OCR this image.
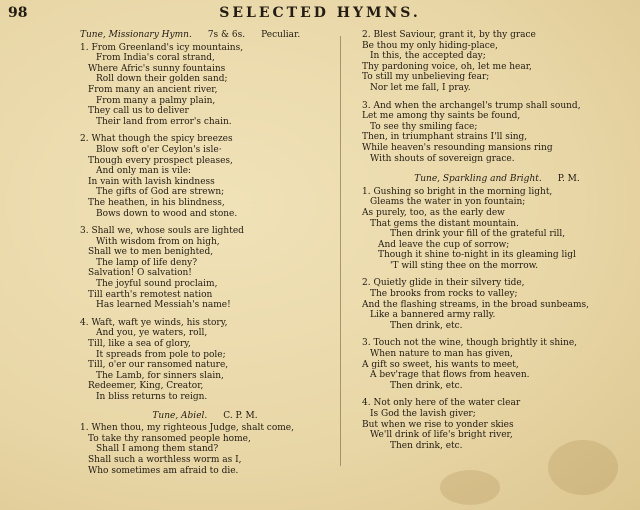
98	SELECTED HYMNS.
Tune, Missionary Hymn. 7s & 6s. Peculiar.
1. From Greenland's icy mountains,
From India's coral strand,
Where Afric's sunny fountains
Roll down their golden sand;
From many an ancient river,
From many a palmy plain,
They call us to deliver
Their land from error's chain.
2. What though the spicy breezes
Blow soft o'er Ceylon's isle·
Though every prospect pleases,
And only man is vile:
In vain with lavish kindness
The gifts of God are strewn;
The heathen, in his blindness,
Bows down to wood and stone.
3. Shall we, whose souls are lighted
With wisdom from on high,
Shall we to men benighted,
The lamp of life deny?
Salvation! O salvation!
The joyful sound proclaim,
Till earth's remotest nation
Has learned Messiah's name!
4. Waft, waft ye winds, his story,
And you, ye waters, roll,
Till, like a sea of glory,
It spreads from pole to pole;
Till, o'er our ransomed nature,
The Lamb, for sinners slain,
Redeemer, King, Creator,
In bliss returns to reign.
Tune, Abiel. C. P. M.
1. When thou, my righteous Judge, shalt come,
To take thy ransomed people home,
Shall I among them stand?
Shall such a worthless worm as I,
Who sometimes am afraid to die.
2. Blest Saviour, grant it, by thy grace
Be thou my only hiding-place,
In this, the accepted day;
Thy pardoning voice, oh, let me hear,
To still my unbelieving fear;
Nor let me fall, I pray.
3. And when the archangel's trump shall sound,
Let me among thy saints be found,
To see thy smiling face;
Then, in triumphant strains I'll sing,
While heaven's resounding mansions ring
With shouts of sovereign grace.
Tune, Sparkling and Bright. P. M.
1. Gushing so bright in the morning light,
Gleams the water in yon fountain;
As purely, too, as the early dew
That gems the distant mountain.
Then drink your fill of the grateful rill,
And leave the cup of sorrow;
Though it shine to-night in its gleaming ligl
'T will sting thee on the morrow.
2. Quietly glide in their silvery tide,
The brooks from rocks to valley;
And the flashing streams, in the broad sunbeams,
Like a bannered army rally.
Then drink, etc.
3. Touch not the wine, though brightly it shine,
When nature to man has given,
A gift so sweet, his wants to meet,
A bev'rage that flows from heaven.
Then drink, etc.
4. Not only here of the water clear
Is God the lavish giver;
But when we rise to yonder skies
We'll drink of life's bright river,
Then drink, etc.
